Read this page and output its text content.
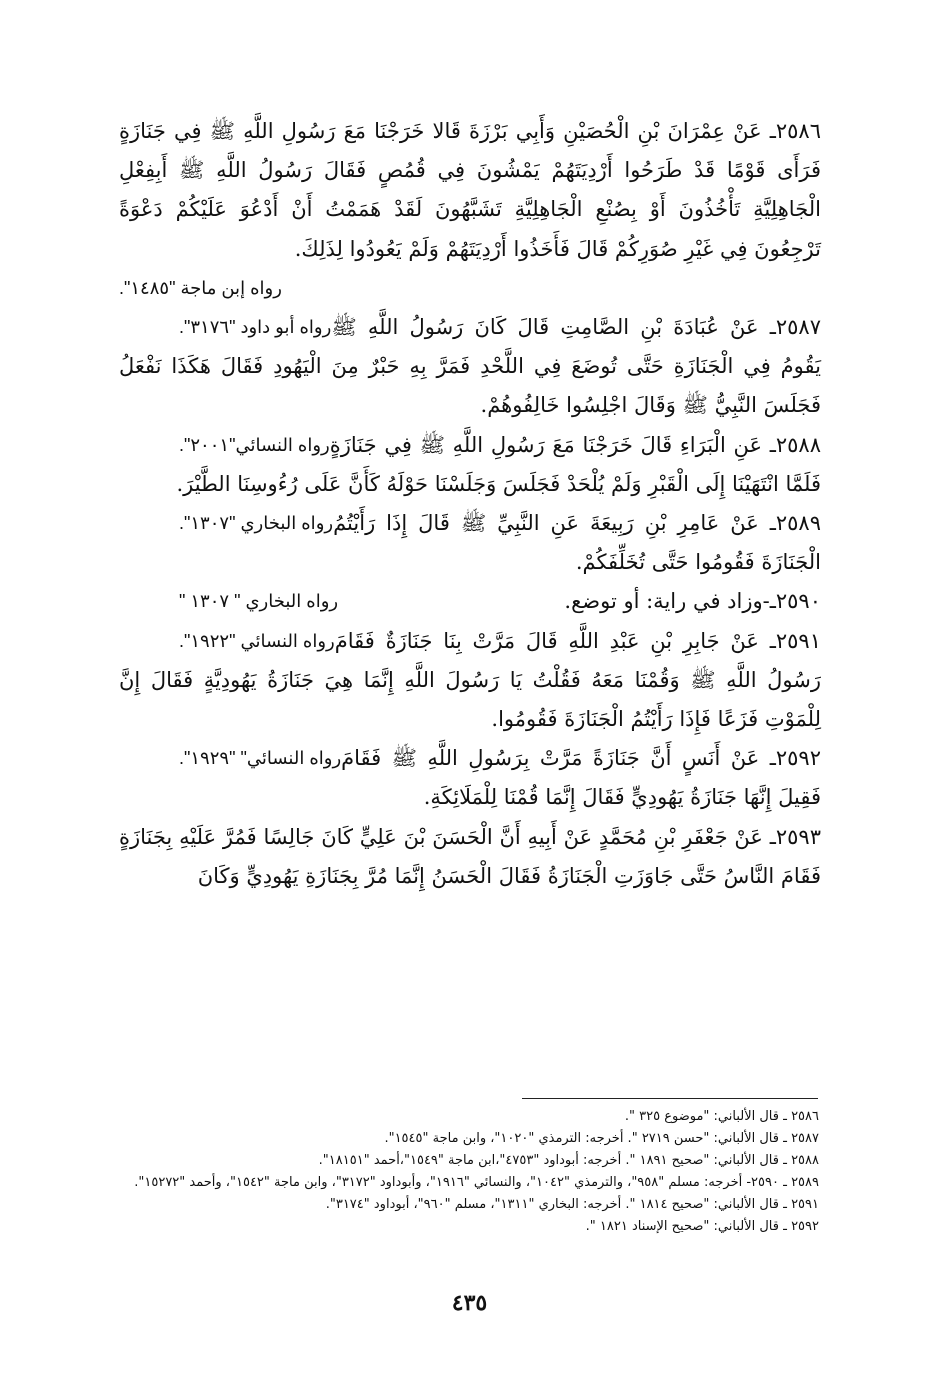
٢٥٨٦ـ عَنْ عِمْرَانَ بْنِ الْحُصَيْنِ وَأَبِي بَرْزَةَ قَالا خَرَجْنَا مَعَ رَسُولِ اللَّهِ ﷺ فِي جَنَازَةٍ فَرَأَى قَوْمًا قَدْ طَرَحُوا أَرْدِيَتَهُمْ يَمْشُونَ فِي قُمُصٍ فَقَالَ رَسُولُ اللَّهِ ﷺ أَبِفِعْلِ الْجَاهِلِيَّةِ تَأْخُذُونَ أَوْ بِصُنْعِ الْجَاهِلِيَّةِ تَشَبَّهُونَ لَقَدْ هَمَمْتُ أَنْ أَدْعُوَ عَلَيْكُمْ دَعْوَةً تَرْجِعُونَ فِي غَيْرِ صُوَرِكُمْ قَالَ فَأَخَذُوا أَرْدِيَتَهُمْ وَلَمْ يَعُودُوا لِذَلِكَ.
رواه إبن ماجة "١٤٨٥".

رواه أبو داود "٣١٧٦". ٢٥٨٧ـ عَنْ عُبَادَةَ بْنِ الصَّامِتِ قَالَ كَانَ رَسُولُ اللَّهِ ﷺ يَقُومُ فِي الْجَنَازَةِ حَتَّى تُوضَعَ فِي اللَّحْدِ فَمَرَّ بِهِ حَبْرٌ مِنَ الْيَهُودِ فَقَالَ هَكَذَا نَفْعَلُ فَجَلَسَ النَّبِيُّ ﷺ وَقَالَ اجْلِسُوا خَالِفُوهُمْ.

رواه النسائي"٢٠٠١". ٢٥٨٨ـ عَنِ الْبَرَاءِ قَالَ خَرَجْنَا مَعَ رَسُولِ اللَّهِ ﷺ فِي جَنَازَةٍ فَلَمَّا انْتَهَيْنَا إِلَى الْقَبْرِ وَلَمْ يُلْحَدْ فَجَلَسَ وَجَلَسْنَا حَوْلَهُ كَأَنَّ عَلَى رُءُوسِنَا الطَّيْرَ.

رواه البخاري "١٣٠٧". ٢٥٨٩ـ عَنْ عَامِرِ بْنِ رَبِيعَةَ عَنِ النَّبِيِّ ﷺ قَالَ إِذَا رَأَيْتُمُ الْجَنَازَةَ فَقُومُوا حَتَّى تُخَلِّفَكُمْ.

رواه البخاري " ١٣٠٧ "	٢٥٩٠ـ-وزاد في راية: أو توضع.

رواه النسائي "١٩٢٢". ٢٥٩١ـ عَنْ جَابِرِ بْنِ عَبْدِ اللَّهِ قَالَ مَرَّتْ بِنَا جَنَازَةٌ فَقَامَ رَسُولُ اللَّهِ ﷺ وَقُمْنَا مَعَهُ فَقُلْتُ يَا رَسُولَ اللَّهِ إِنَّمَا هِيَ جَنَازَةُ يَهُودِيَّةٍ فَقَالَ إِنَّ لِلْمَوْتِ فَزَعًا فَإِذَا رَأَيْتُمُ الْجَنَازَةَ فَقُومُوا.

رواه النسائي" "١٩٢٩". ٢٥٩٢ـ عَنْ أَنَسٍ أَنَّ جَنَازَةً مَرَّتْ بِرَسُولِ اللَّهِ ﷺ فَقَامَ فَقِيلَ إِنَّهَا جَنَازَةُ يَهُودِيٍّ فَقَالَ إِنَّمَا قُمْنَا لِلْمَلَائِكَةِ.

٢٥٩٣ـ عَنْ جَعْفَرِ بْنِ مُحَمَّدٍ عَنْ أَبِيهِ أَنَّ الْحَسَنَ بْنَ عَلِيٍّ كَانَ جَالِسًا فَمُرَّ عَلَيْهِ بِجَنَازَةٍ فَقَامَ النَّاسُ حَتَّى جَاوَزَتِ الْجَنَازَةُ فَقَالَ الْحَسَنُ إِنَّمَا مُرَّ بِجَنَازَةِ يَهُودِيٍّ وَكَانَ

٢٥٨٦ ـ قال الألباني: "موضوع ٣٢٥ ".

٢٥٨٧ ـ قال الألباني: "حسن ٢٧١٩ ". أخرجه: الترمذي "١٠٢٠"، وابن ماجة "١٥٤٥".

٢٥٨٨ ـ قال الألباني: "صحيح ١٨٩١ ". أخرجه: أبوداود "٤٧٥٣"،ابن ماجة "١٥٤٩"،أحمد "١٨١٥١".

٢٥٨٩ ـ ٢٥٩٠- أخرجه: مسلم "٩٥٨"، والترمذي "١٠٤٢"، والنسائي "١٩١٦"، وأبوداود "٣١٧٢"، وابن ماجة "١٥٤٢"، وأحمد "١٥٢٧٢".

٢٥٩١ ـ قال الألباني: "صحيح ١٨١٤ ". أخرجه: البخاري "١٣١١"، مسلم "٩٦٠"، أبوداود "٣١٧٤".

٢٥٩٢ ـ قال الألباني: "صحيح الإسناد ١٨٢١ ".

٤٣٥
